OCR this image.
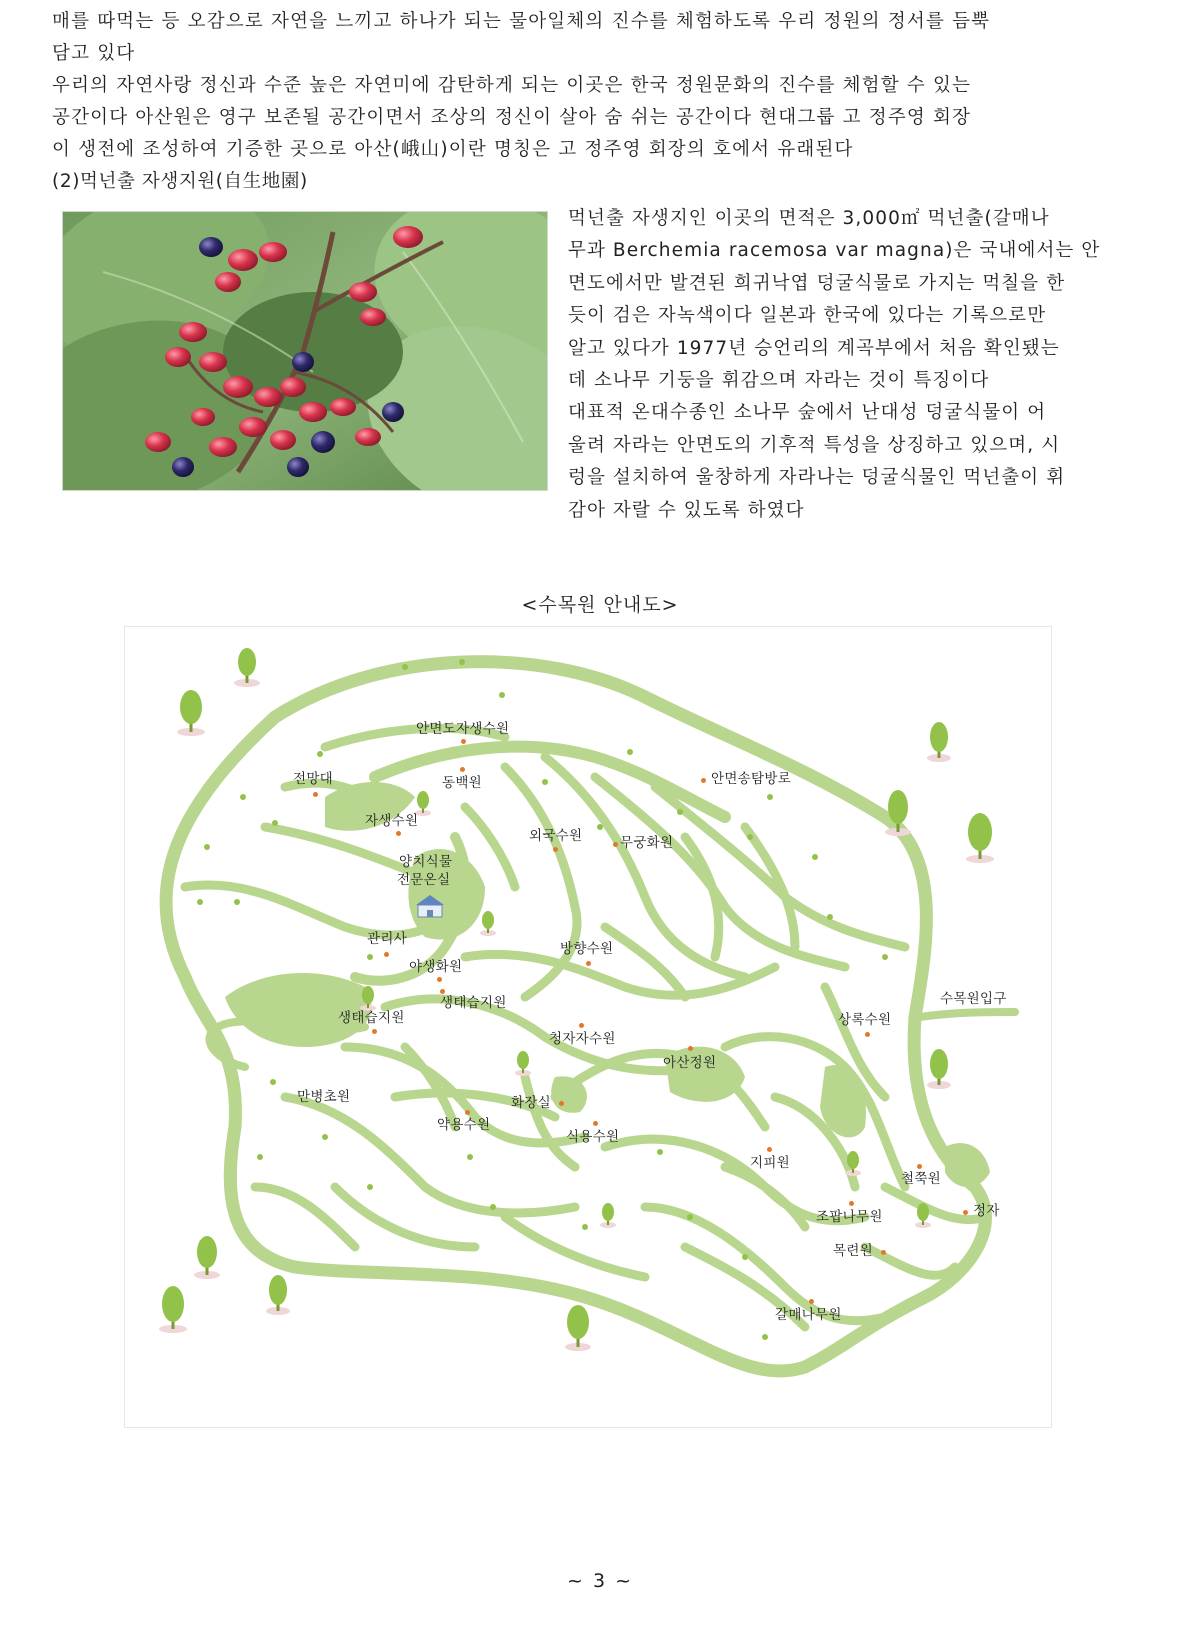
매를 따먹는 등 오감으로 자연을 느끼고 하나가 되는 물아일체의 진수를 체험하도록 우리 정원의 정서를 듬뿍
담고 있다
우리의 자연사랑 정신과 수준 높은 자연미에 감탄하게 되는 이곳은 한국 정원문화의 진수를 체험할 수 있는
공간이다 아산원은 영구 보존될 공간이면서 조상의 정신이 살아 숨 쉬는 공간이다 현대그룹 고 정주영 회장
이 생전에 조성하여 기증한 곳으로 아산(峨山)이란 명칭은 고 정주영 회장의 호에서 유래된다
(2)먹넌출 자생지원(自生地園)
먹넌출 자생지인 이곳의 면적은 3,000㎡ 먹넌출(갈매나
무과 Berchemia racemosa var magna)은 국내에서는 안
면도에서만 발견된 희귀낙엽 덩굴식물로 가지는 먹칠을 한
듯이 검은 자녹색이다 일본과 한국에 있다는 기록으로만
알고 있다가 1977년 승언리의 계곡부에서 처음 확인됐는
데 소나무 기둥을 휘감으며 자라는 것이 특징이다
대표적 온대수종인 소나무 숲에서 난대성 덩굴식물이 어
울려 자라는 안면도의 기후적 특성을 상징하고 있으며, 시
렁을 설치하여 울창하게 자라나는 덩굴식물인 먹넌출이 휘
감아 자랄 수 있도록 하였다
<수목원 안내도>
안면도자생수원
전망대	동백원
자생수원
안면송탐방로
외국수원	무궁화원
양치식물
전문온실
관리사
야생화원
방향수원
생태습지원
생태습지원
상록수원
수목원입구
청자자수원
아산정원
만병초원	화장실
약용수원
식용수원
지피원
철쭉원
정자
조팝나무원
목련원
갈매나무원
~ 3 ~
